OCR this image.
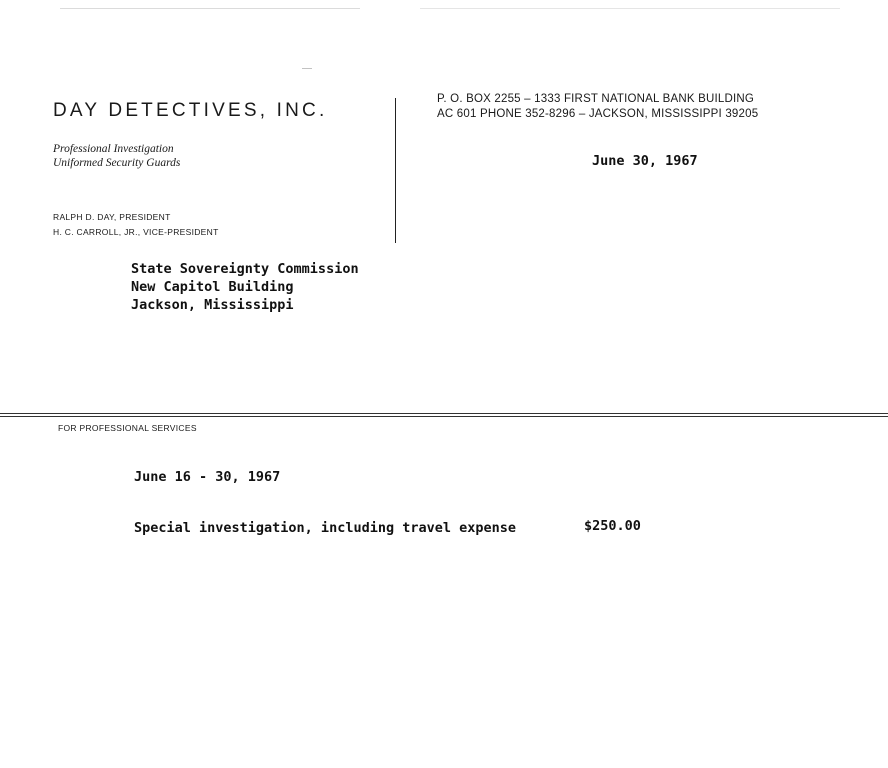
DAY DETECTIVES, INC.
Professional Investigation
Uniformed Security Guards
RALPH D. DAY, PRESIDENT
H. C. CARROLL, JR., VICE-PRESIDENT
P. O. BOX 2255 – 1333 FIRST NATIONAL BANK BUILDING
AC 601 PHONE 352-8296 – JACKSON, MISSISSIPPI 39205
June 30, 1967
State Sovereignty Commission
New Capitol Building
Jackson, Mississippi
FOR PROFESSIONAL SERVICES
June 16 - 30, 1967
Special investigation, including travel expense	$250.00
